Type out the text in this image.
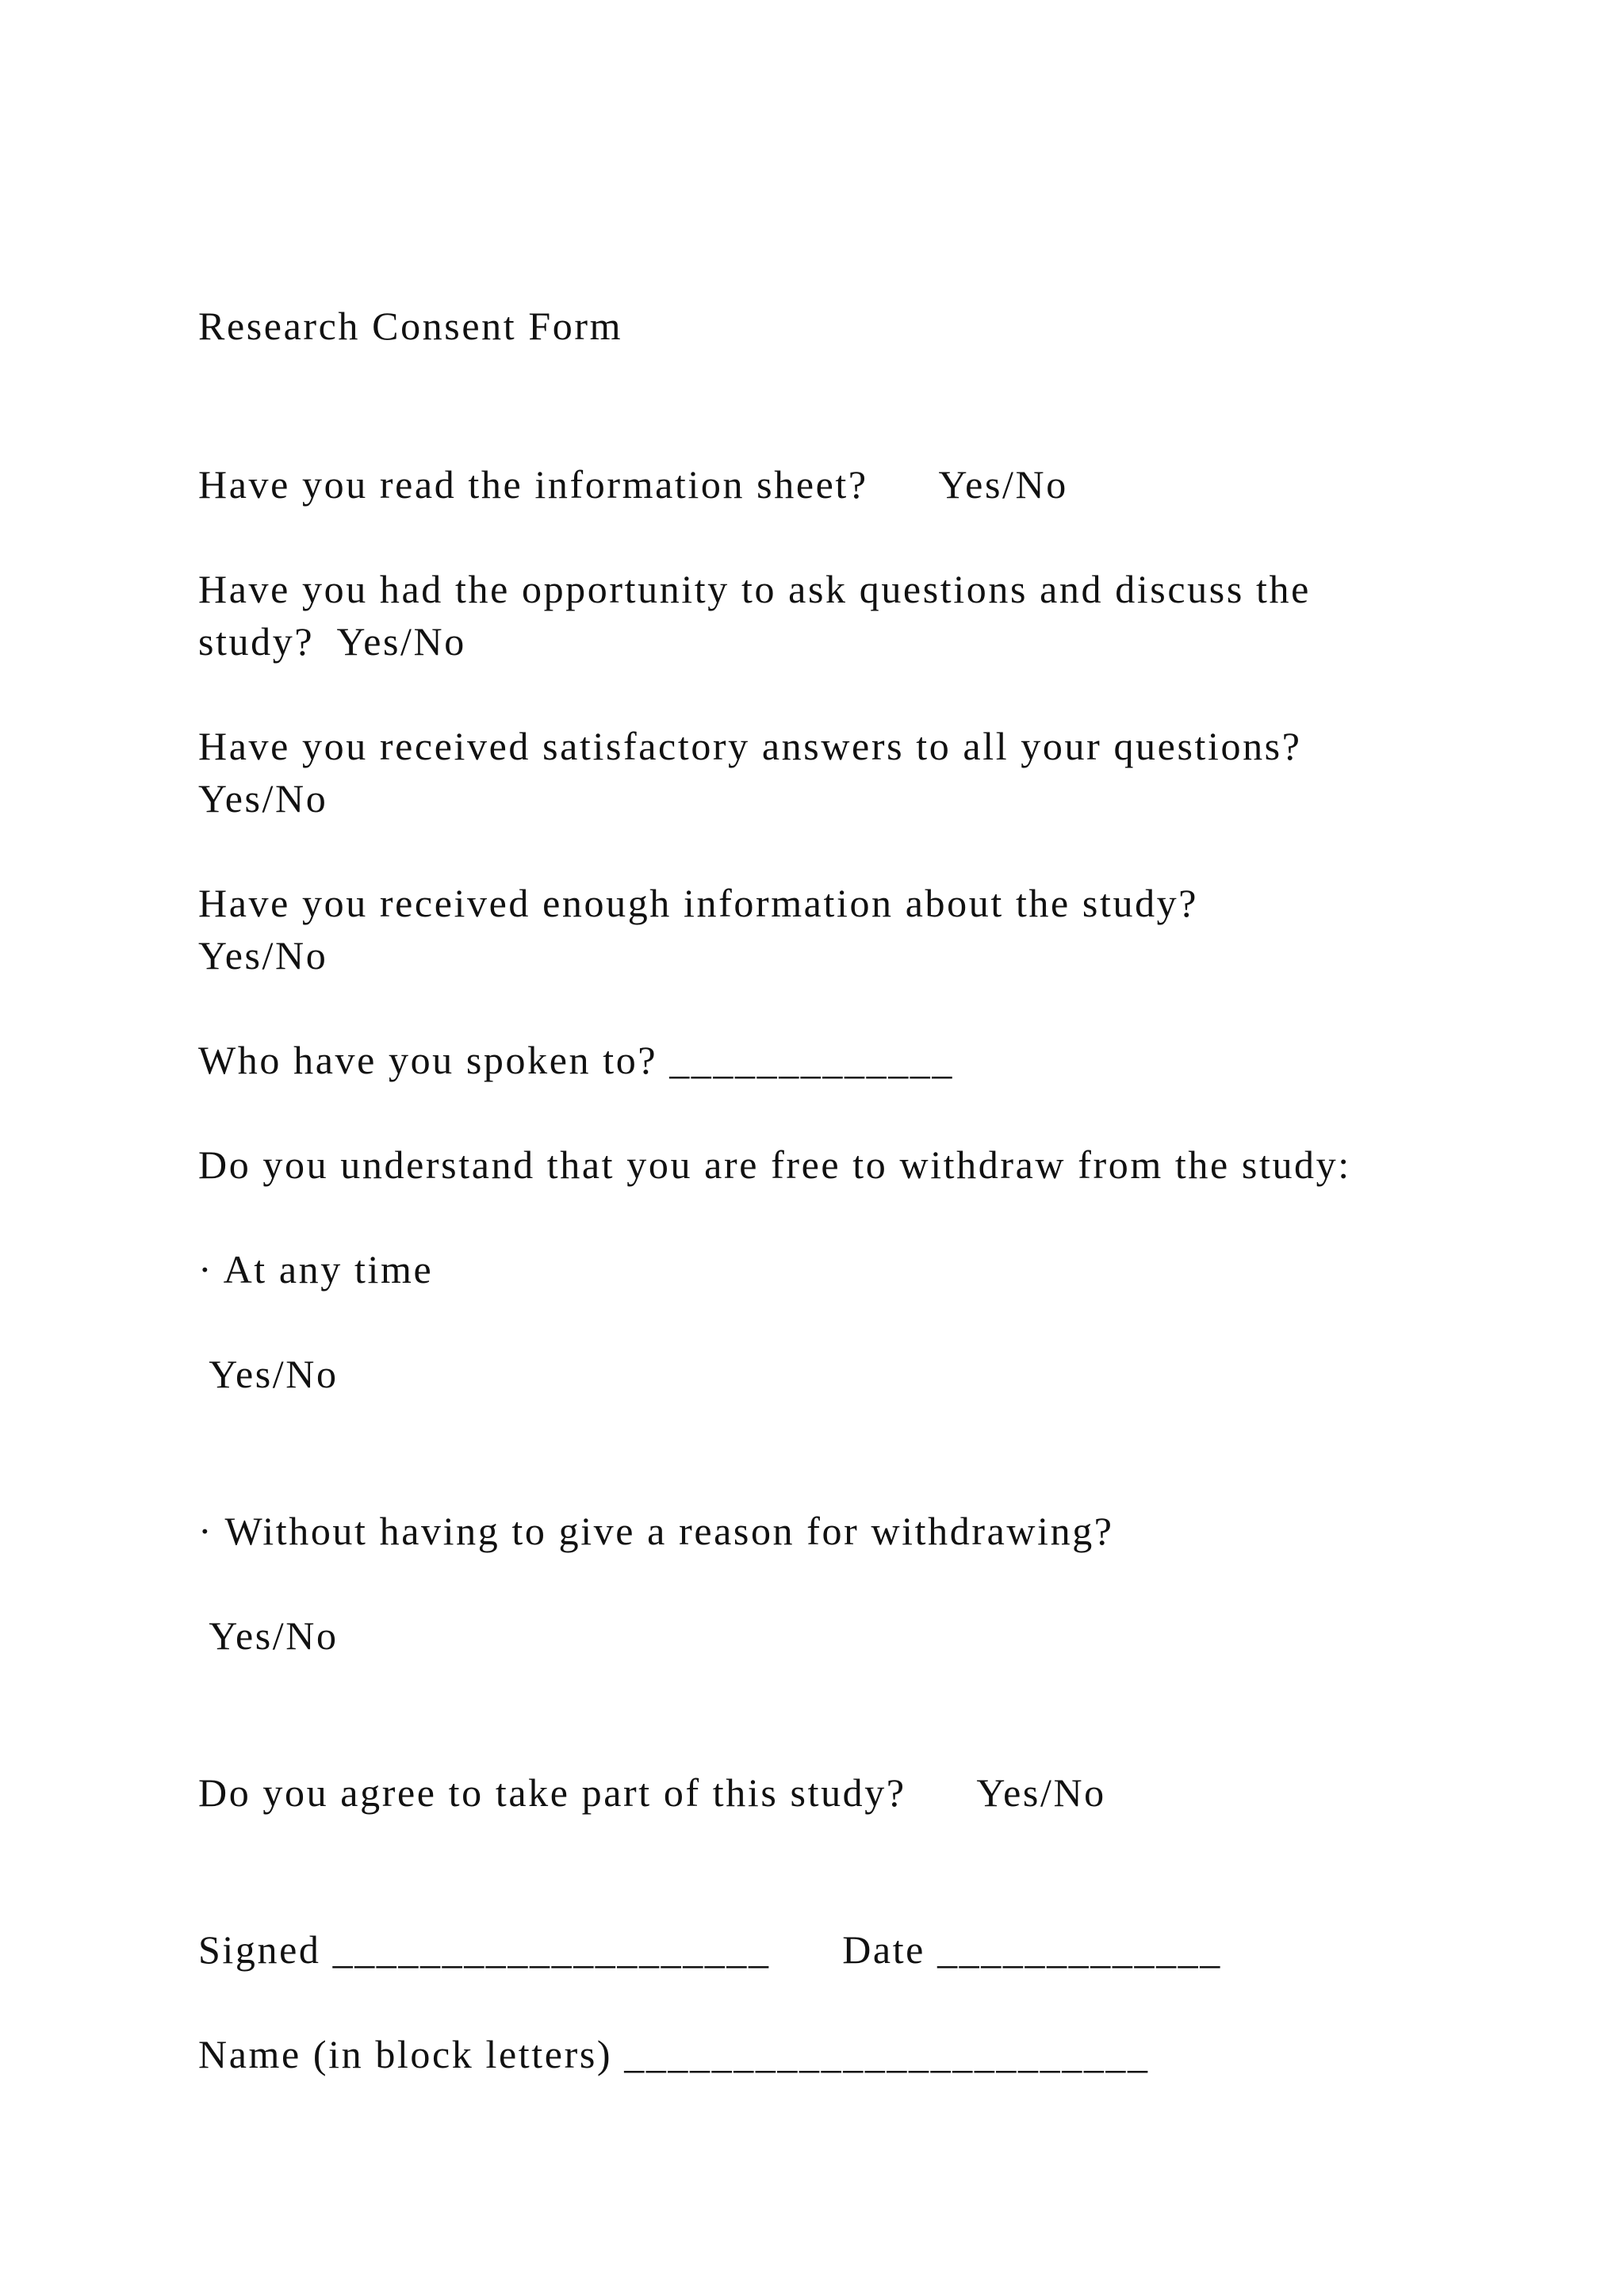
Research Consent Form
Have you read the information sheet?      Yes/No
Have you had the opportunity to ask questions and discuss the
study?  Yes/No
Have you received satisfactory answers to all your questions?
Yes/No
Have you received enough information about the study?
Yes/No
Who have you spoken to? _____________
Do you understand that you are free to withdraw from the study:
· At any time
Yes/No
· Without having to give a reason for withdrawing?
Yes/No
Do you agree to take part of this study?      Yes/No
Signed ____________________      Date _____________
Name (in block letters) ________________________
